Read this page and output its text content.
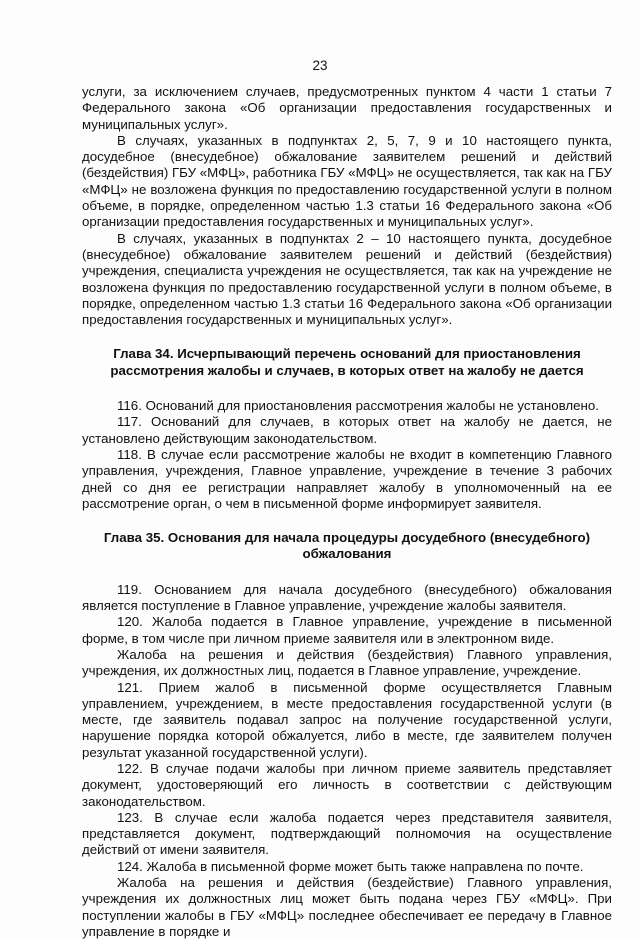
23

услуги, за исключением случаев, предусмотренных пунктом 4 части 1 статьи 7 Федерального закона «Об организации предоставления государственных и муниципальных услуг».

В случаях, указанных в подпунктах 2, 5, 7, 9 и 10 настоящего пункта, досудебное (внесудебное) обжалование заявителем решений и действий (бездействия) ГБУ «МФЦ», работника ГБУ «МФЦ» не осуществляется, так как на ГБУ «МФЦ» не возложена функция по предоставлению государственной услуги в полном объеме, в порядке, определенном частью 1.3 статьи 16 Федерального закона «Об организации предоставления государственных и муниципальных услуг».

В случаях, указанных в подпунктах 2 – 10 настоящего пункта, досудебное (внесудебное) обжалование заявителем решений и действий (бездействия) учреждения, специалиста учреждения не осуществляется, так как на учреждение не возложена функция по предоставлению государственной услуги в полном объеме, в порядке, определенном частью 1.3 статьи 16 Федерального закона «Об организации предоставления государственных и муниципальных услуг».

Глава 34. Исчерпывающий перечень оснований для приостановления
рассмотрения жалобы и случаев, в которых ответ на жалобу не дается

116. Оснований для приостановления рассмотрения жалобы не установлено.

117. Оснований для случаев, в которых ответ на жалобу не дается, не установлено действующим законодательством.

118. В случае если рассмотрение жалобы не входит в компетенцию Главного управления, учреждения, Главное управление, учреждение в течение 3 рабочих дней со дня ее регистрации направляет жалобу в уполномоченный на ее рассмотрение орган, о чем в письменной форме информирует заявителя.

Глава 35. Основания для начала процедуры досудебного (внесудебного)
обжалования

119. Основанием для начала досудебного (внесудебного) обжалования является поступление в Главное управление, учреждение жалобы заявителя.

120. Жалоба подается в Главное управление, учреждение в письменной форме, в том числе при личном приеме заявителя или в электронном виде.

Жалоба на решения и действия (бездействия) Главного управления, учреждения, их должностных лиц, подается в Главное управление, учреждение.

121. Прием жалоб в письменной форме осуществляется Главным управлением, учреждением, в месте предоставления государственной услуги (в месте, где заявитель подавал запрос на получение государственной услуги, нарушение порядка которой обжалуется, либо в месте, где заявителем получен результат указанной государственной услуги).

122. В случае подачи жалобы при личном приеме заявитель представляет документ, удостоверяющий его личность в соответствии с действующим законодательством.

123. В случае если жалоба подается через представителя заявителя, представляется документ, подтверждающий полномочия на осуществление действий от имени заявителя.

124. Жалоба в письменной форме может быть также направлена по почте.

Жалоба на решения и действия (бездействие) Главного управления, учреждения их должностных лиц может быть подана через ГБУ «МФЦ». При поступлении жалобы в ГБУ «МФЦ» последнее обеспечивает ее передачу в Главное управление в порядке и
